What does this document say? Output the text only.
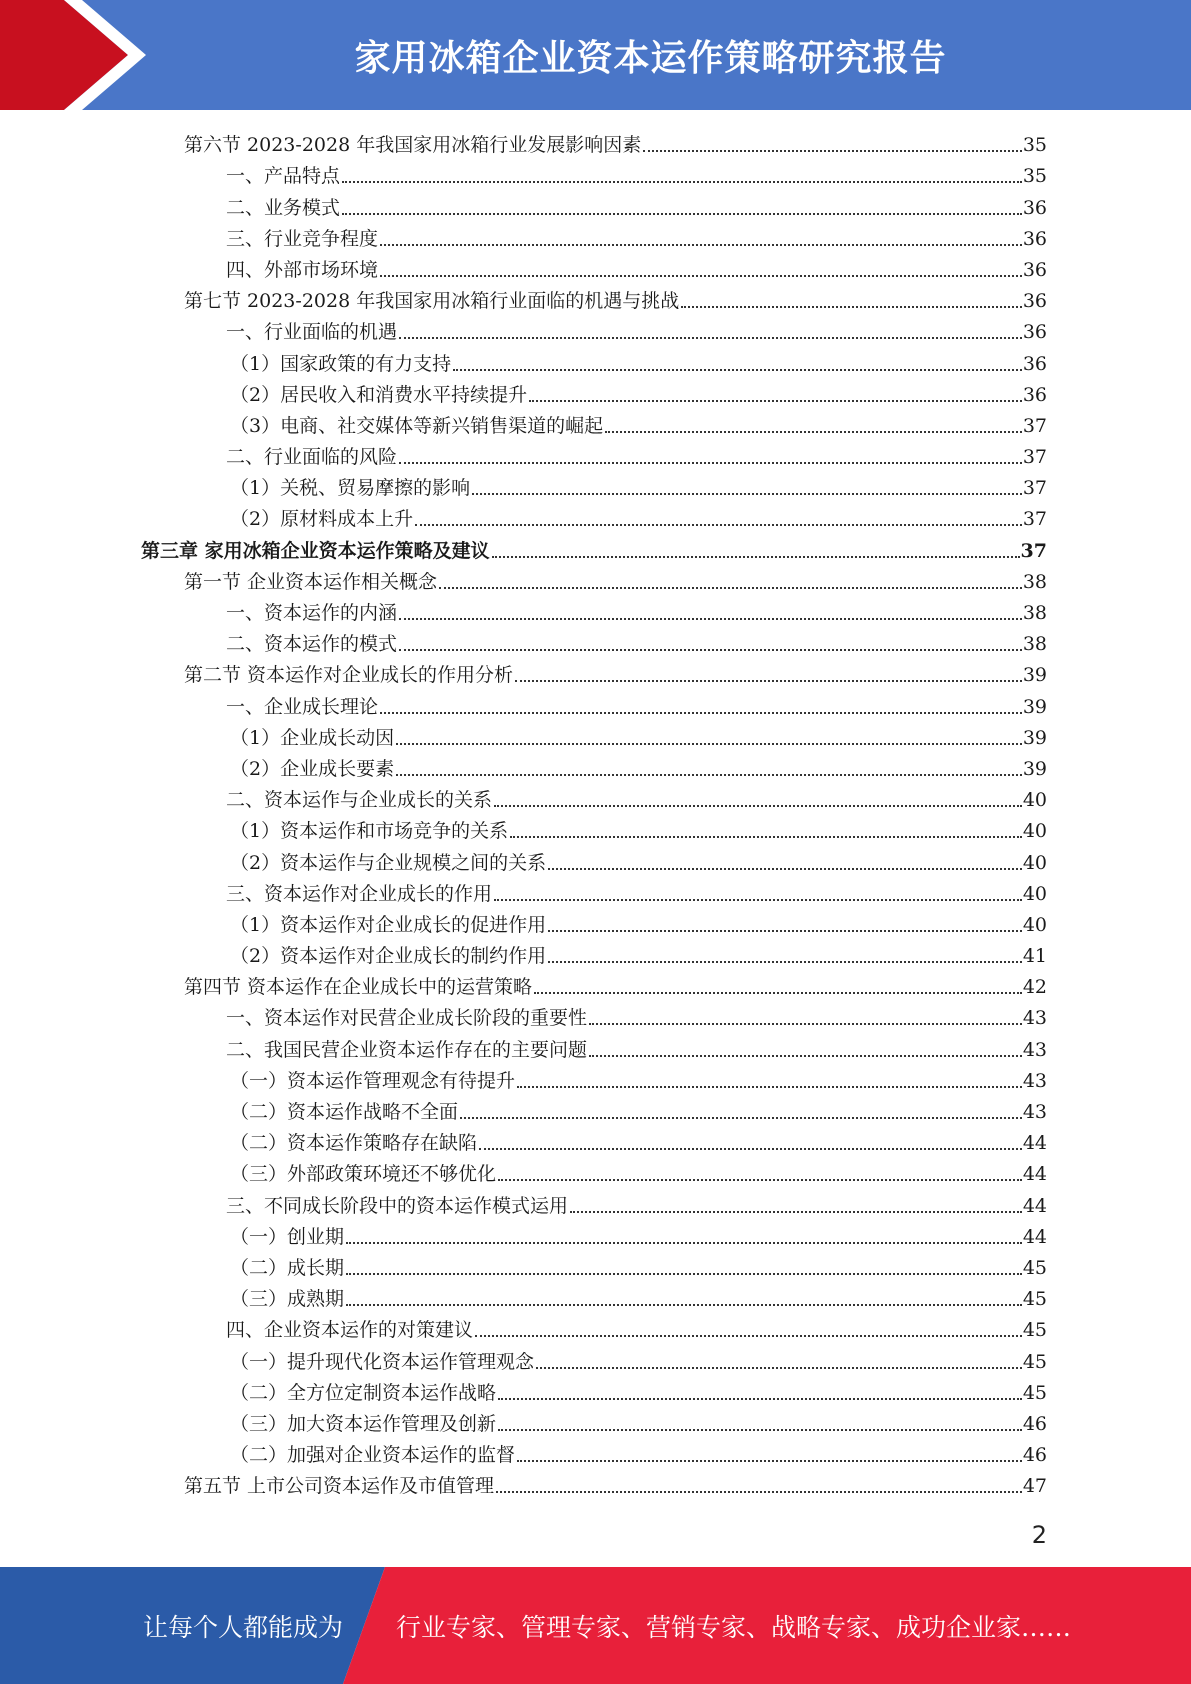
家用冰箱企业资本运作策略研究报告
第六节 2023-2028 年我国家用冰箱行业发展影响因素	35
一、产品特点	35
二、业务模式	36
三、行业竞争程度	36
四、外部市场环境	36
第七节 2023-2028 年我国家用冰箱行业面临的机遇与挑战	36
一、行业面临的机遇	36
（1）国家政策的有力支持	36
（2）居民收入和消费水平持续提升	36
（3）电商、社交媒体等新兴销售渠道的崛起	37
二、行业面临的风险	37
（1）关税、贸易摩擦的影响	37
（2）原材料成本上升	37
第三章 家用冰箱企业资本运作策略及建议	37
第一节 企业资本运作相关概念	38
一、资本运作的内涵	38
二、资本运作的模式	38
第二节 资本运作对企业成长的作用分析	39
一、企业成长理论	39
（1）企业成长动因	39
（2）企业成长要素	39
二、资本运作与企业成长的关系	40
（1）资本运作和市场竞争的关系	40
（2）资本运作与企业规模之间的关系	40
三、资本运作对企业成长的作用	40
（1）资本运作对企业成长的促进作用	40
（2）资本运作对企业成长的制约作用	41
第四节 资本运作在企业成长中的运营策略	42
一、资本运作对民营企业成长阶段的重要性	43
二、我国民营企业资本运作存在的主要问题	43
（一）资本运作管理观念有待提升	43
（二）资本运作战略不全面	43
（二）资本运作策略存在缺陷	44
（三）外部政策环境还不够优化	44
三、不同成长阶段中的资本运作模式运用	44
（一）创业期	44
（二）成长期	45
（三）成熟期	45
四、企业资本运作的对策建议	45
（一）提升现代化资本运作管理观念	45
（二）全方位定制资本运作战略	45
（三）加大资本运作管理及创新	46
（二）加强对企业资本运作的监督	46
第五节 上市公司资本运作及市值管理	47
2
让每个人都能成为 行业专家、管理专家、营销专家、战略专家、成功企业家……
